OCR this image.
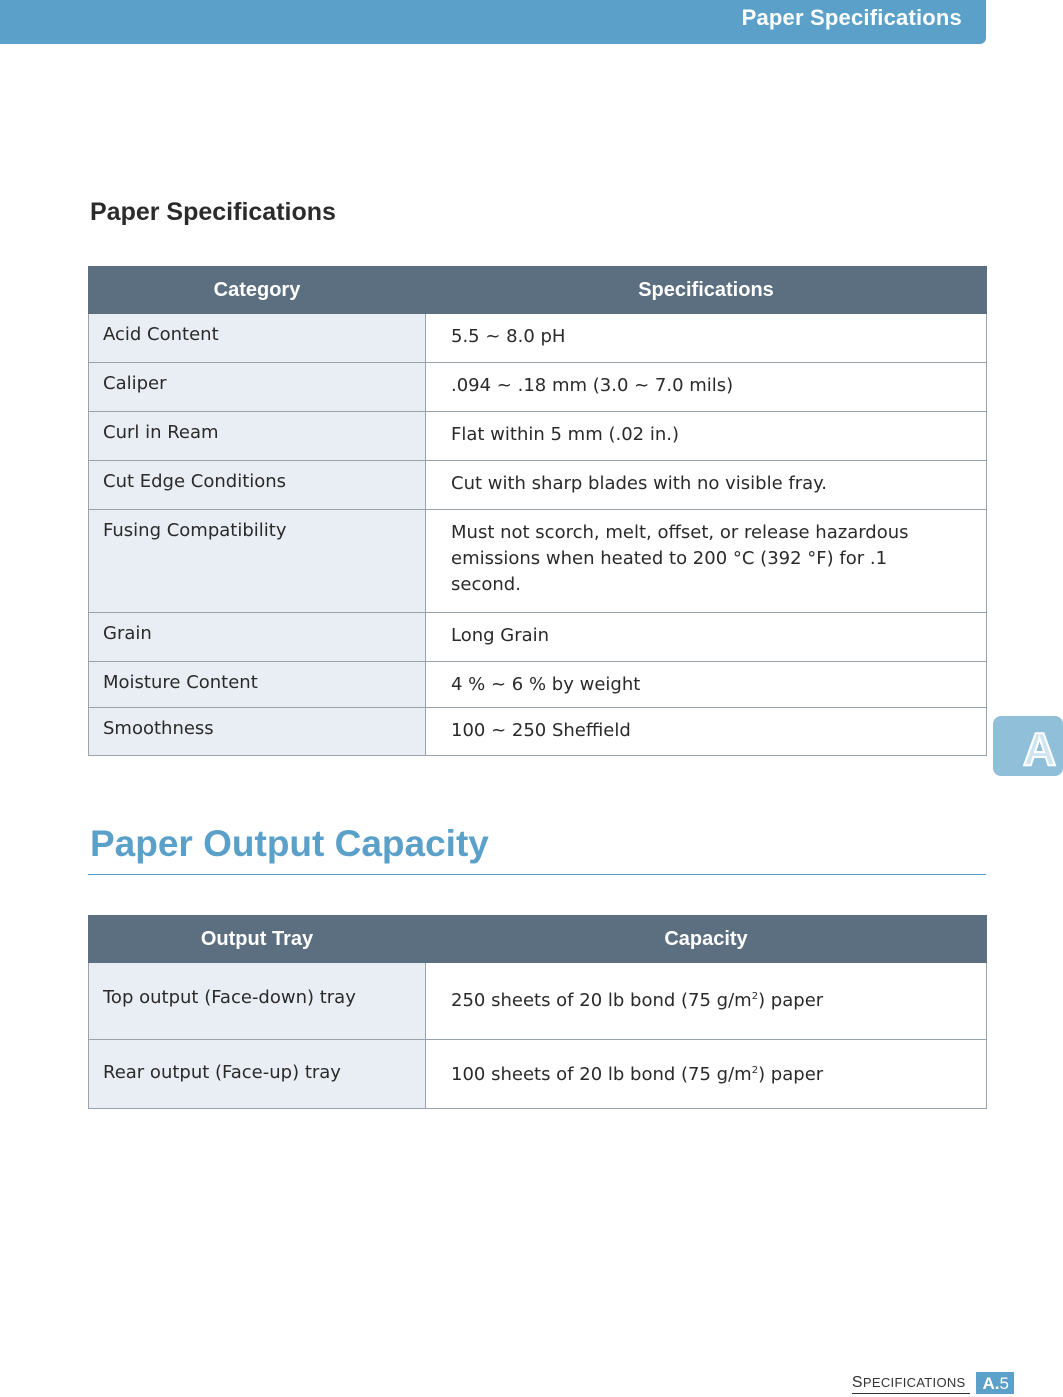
Paper Specifications
A
Paper Specifications
Category	Specifications
Acid Content	5.5 ~ 8.0 pH
Caliper	.094 ~ .18 mm (3.0 ~ 7.0 mils)
Curl in Ream	Flat within 5 mm (.02 in.)
Cut Edge Conditions	Cut with sharp blades with no visible fray.
Fusing Compatibility	Must not scorch, melt, offset, or release hazardous emissions when heated to 200 °C (392 °F) for .1 second.
Grain	Long Grain
Moisture Content	4 % ~ 6 % by weight
Smoothness	100 ~ 250 Sheffield
Paper Output Capacity
Output Tray	Capacity
Top output (Face-down) tray	250 sheets of 20 lb bond (75 $g/m^2$) paper
Rear output (Face-up) tray	100 sheets of 20 lb bond (75 $g/m^2$) paper
SPECIFICATIONS	A.5
